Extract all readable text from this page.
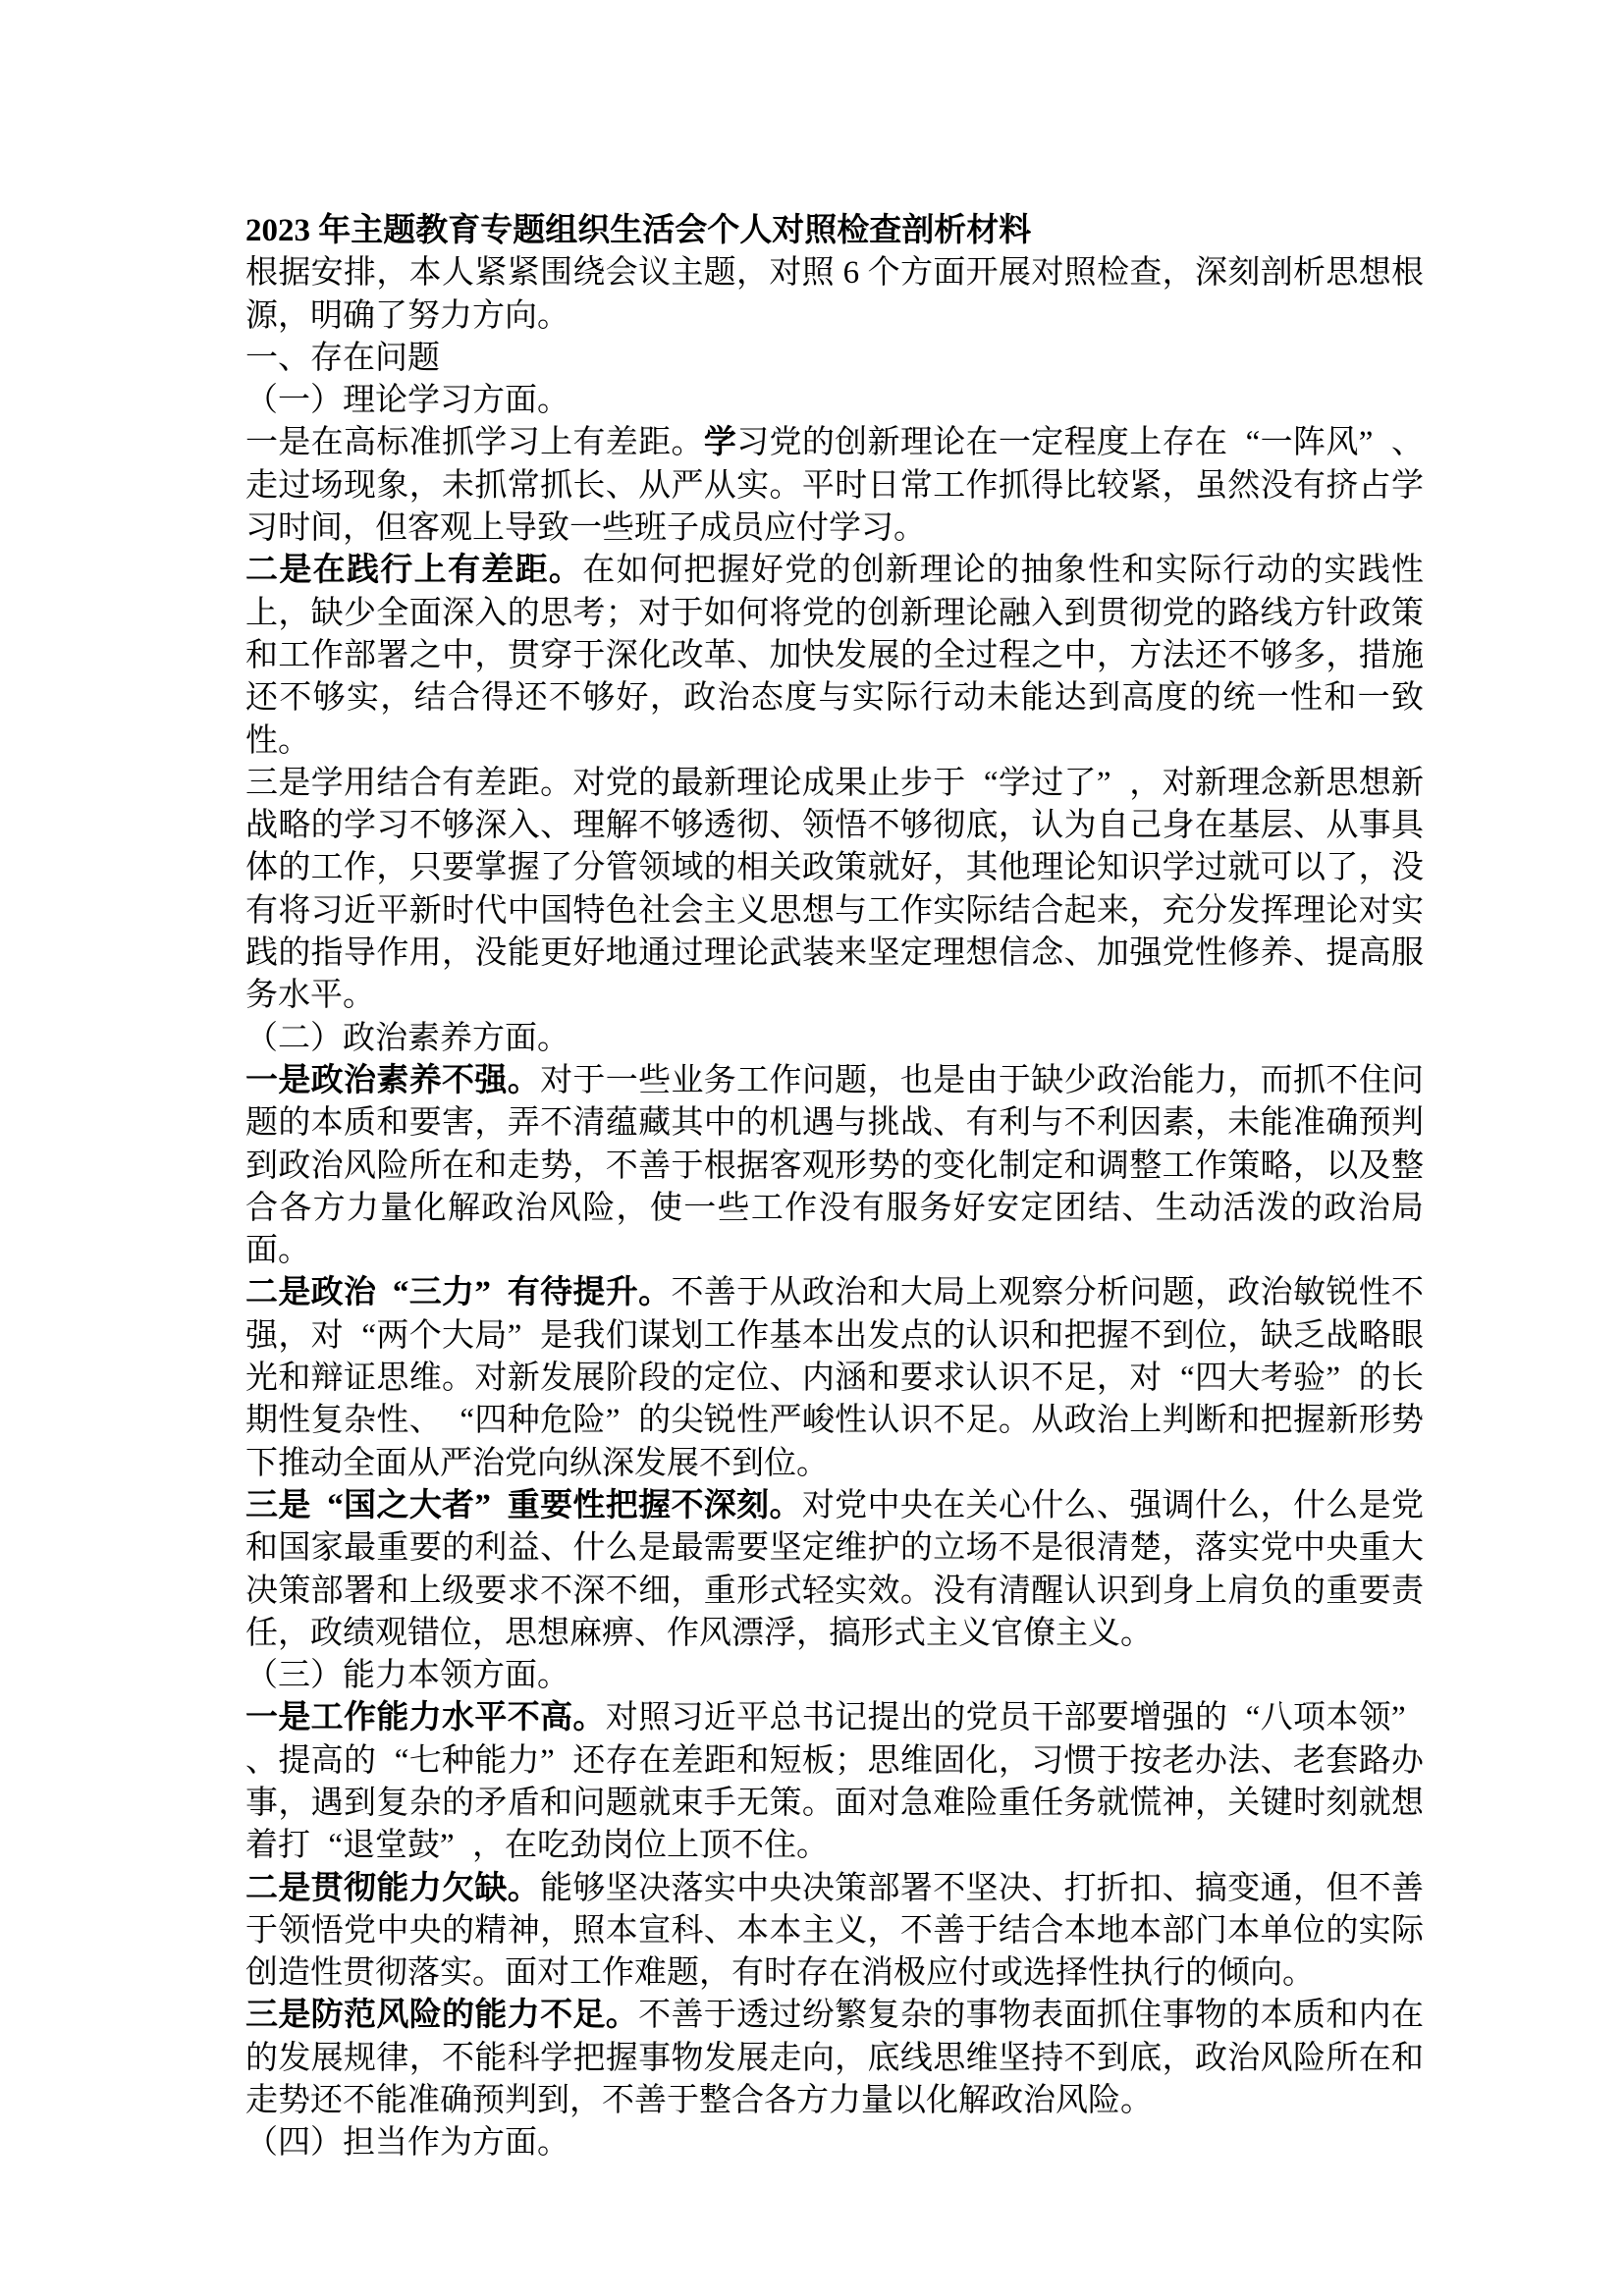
2023 年主题教育专题组织生活会个人对照检查剖析材料

根据安排，本人紧紧围绕会议主题，对照 6 个方面开展对照检查，深刻剖析思想根源，明确了努力方向。

一、存在问题

（一）理论学习方面。

一是在高标准抓学习上有差距。学习党的创新理论在一定程度上存在 “一阵风” 、走过场现象，未抓常抓长、从严从实。平时日常工作抓得比较紧，虽然没有挤占学习时间，但客观上导致一些班子成员应付学习。

二是在践行上有差距。在如何把握好党的创新理论的抽象性和实际行动的实践性上，缺少全面深入的思考；对于如何将党的创新理论融入到贯彻党的路线方针政策和工作部署之中，贯穿于深化改革、加快发展的全过程之中，方法还不够多，措施还不够实，结合得还不够好，政治态度与实际行动未能达到高度的统一性和一致性。

三是学用结合有差距。对党的最新理论成果止步于 “学过了” ，对新理念新思想新战略的学习不够深入、理解不够透彻、领悟不够彻底，认为自己身在基层、从事具体的工作，只要掌握了分管领域的相关政策就好，其他理论知识学过就可以了，没有将习近平新时代中国特色社会主义思想与工作实际结合起来，充分发挥理论对实践的指导作用，没能更好地通过理论武装来坚定理想信念、加强党性修养、提高服务水平。

（二）政治素养方面。

一是政治素养不强。对于一些业务工作问题，也是由于缺少政治能力，而抓不住问题的本质和要害，弄不清蕴藏其中的机遇与挑战、有利与不利因素，未能准确预判到政治风险所在和走势，不善于根据客观形势的变化制定和调整工作策略，以及整合各方力量化解政治风险，使一些工作没有服务好安定团结、生动活泼的政治局面。

二是政治 “三力” 有待提升。不善于从政治和大局上观察分析问题，政治敏锐性不强，对 “两个大局” 是我们谋划工作基本出发点的认识和把握不到位，缺乏战略眼光和辩证思维。对新发展阶段的定位、内涵和要求认识不足，对 “四大考验” 的长期性复杂性、 “四种危险” 的尖锐性严峻性认识不足。从政治上判断和把握新形势下推动全面从严治党向纵深发展不到位。

三是 “国之大者” 重要性把握不深刻。对党中央在关心什么、强调什么，什么是党和国家最重要的利益、什么是最需要坚定维护的立场不是很清楚，落实党中央重大决策部署和上级要求不深不细，重形式轻实效。没有清醒认识到身上肩负的重要责任，政绩观错位，思想麻痹、作风漂浮，搞形式主义官僚主义。

（三）能力本领方面。

一是工作能力水平不高。对照习近平总书记提出的党员干部要增强的 “八项本领”、提高的 “七种能力” 还存在差距和短板；思维固化，习惯于按老办法、老套路办事，遇到复杂的矛盾和问题就束手无策。面对急难险重任务就慌神，关键时刻就想着打 “退堂鼓” ，在吃劲岗位上顶不住。

二是贯彻能力欠缺。能够坚决落实中央决策部署不坚决、打折扣、搞变通，但不善于领悟党中央的精神，照本宣科、本本主义，不善于结合本地本部门本单位的实际创造性贯彻落实。面对工作难题，有时存在消极应付或选择性执行的倾向。

三是防范风险的能力不足。不善于透过纷繁复杂的事物表面抓住事物的本质和内在的发展规律，不能科学把握事物发展走向，底线思维坚持不到底，政治风险所在和走势还不能准确预判到，不善于整合各方力量以化解政治风险。

（四）担当作为方面。
